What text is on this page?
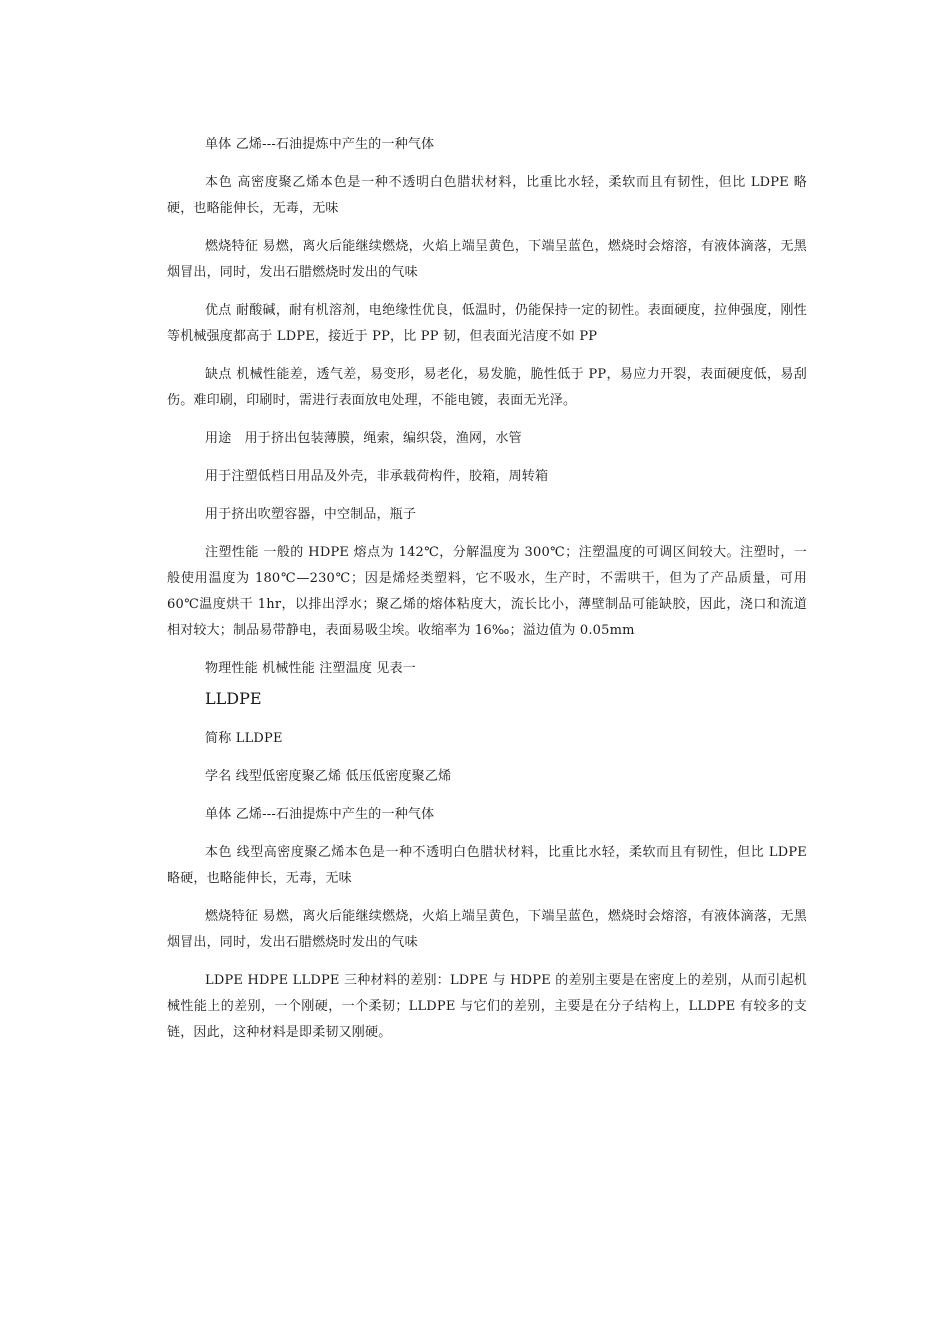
单体 乙烯---石油提炼中产生的一种气体

本色 高密度聚乙烯本色是一种不透明白色腊状材料，比重比水轻，柔软而且有韧性，但比 LDPE 略硬，也略能伸长，无毒，无味

燃烧特征 易燃，离火后能继续燃烧，火焰上端呈黄色，下端呈蓝色，燃烧时会熔溶，有液体滴落，无黑烟冒出，同时，发出石腊燃烧时发出的气味

优点 耐酸碱，耐有机溶剂，电绝缘性优良，低温时，仍能保持一定的韧性。表面硬度，拉伸强度，刚性等机械强度都高于 LDPE，接近于 PP，比 PP 韧，但表面光洁度不如 PP

缺点 机械性能差，透气差，易变形，易老化，易发脆，脆性低于 PP，易应力开裂，表面硬度低，易刮伤。难印刷，印刷时，需进行表面放电处理，不能电镀，表面无光泽。

用途　用于挤出包装薄膜，绳索，编织袋，渔网，水管

用于注塑低档日用品及外壳，非承载荷构件，胶箱，周转箱

用于挤出吹塑容器，中空制品，瓶子

注塑性能 一般的 HDPE 熔点为 142℃，分解温度为 300℃；注塑温度的可调区间较大。注塑时，一般使用温度为 180℃—230℃；因是烯烃类塑料，它不吸水，生产时，不需哄干，但为了产品质量，可用 60℃温度烘干 1hr，以排出浮水；聚乙烯的熔体粘度大，流长比小，薄壁制品可能缺胶，因此，浇口和流道相对较大；制品易带静电，表面易吸尘埃。收缩率为 16‰；溢边值为 0.05mm

物理性能 机械性能 注塑温度 见表一

LLDPE

简称 LLDPE

学名 线型低密度聚乙烯 低压低密度聚乙烯

单体 乙烯---石油提炼中产生的一种气体

本色 线型高密度聚乙烯本色是一种不透明白色腊状材料，比重比水轻，柔软而且有韧性，但比 LDPE 略硬，也略能伸长，无毒，无味

燃烧特征 易燃，离火后能继续燃烧，火焰上端呈黄色，下端呈蓝色，燃烧时会熔溶，有液体滴落，无黑烟冒出，同时，发出石腊燃烧时发出的气味

LDPE HDPE LLDPE 三种材料的差别：LDPE 与 HDPE 的差别主要是在密度上的差别，从而引起机械性能上的差别，一个刚硬，一个柔韧；LLDPE 与它们的差别，主要是在分子结构上，LLDPE 有较多的支链，因此，这种材料是即柔韧又刚硬。
